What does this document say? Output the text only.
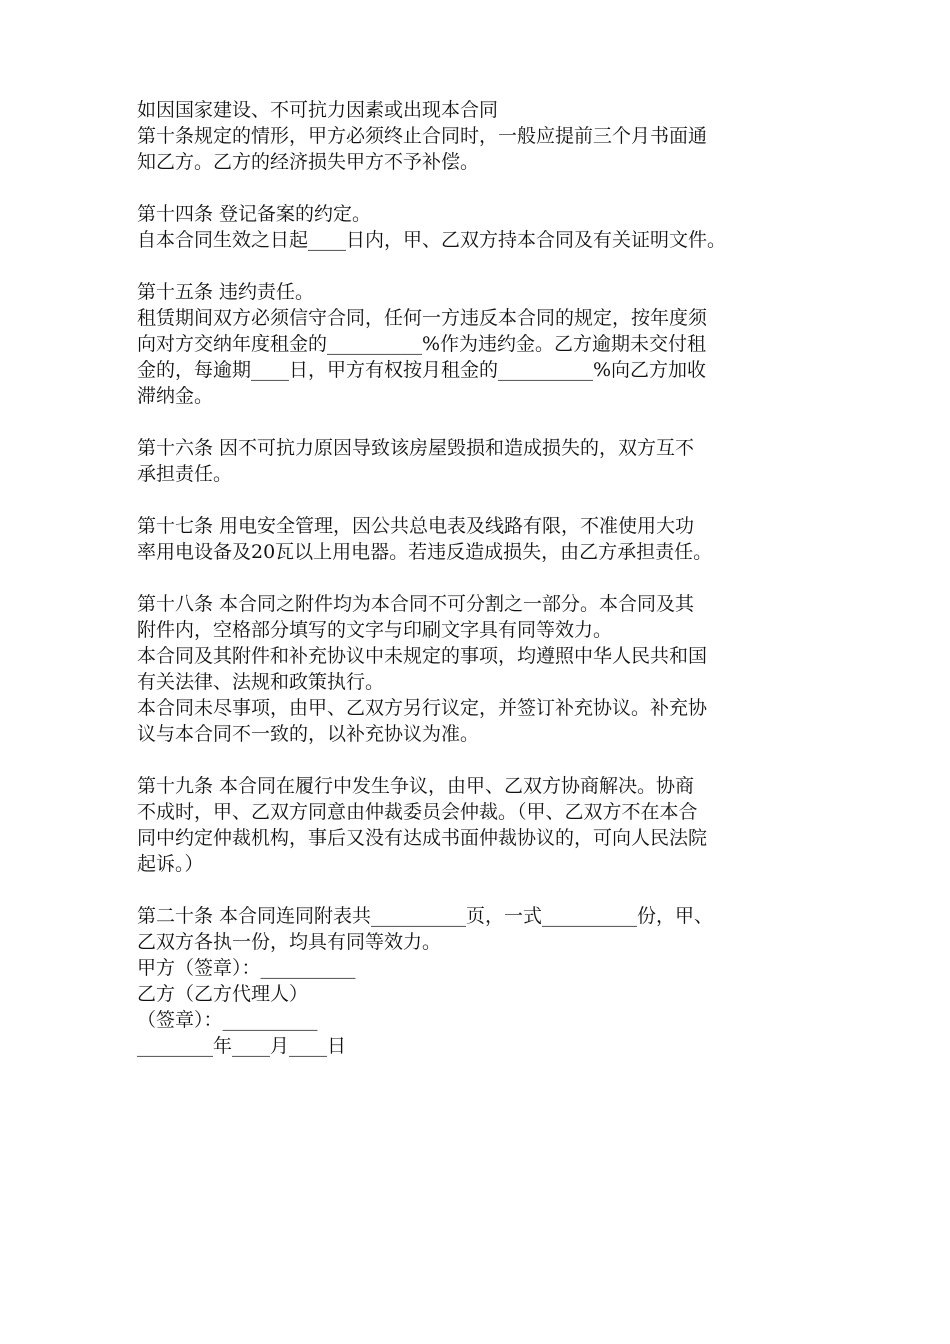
如因国家建设、不可抗力因素或出现本合同
第十条规定的情形，甲方必须终止合同时，一般应提前三个月书面通
知乙方。乙方的经济损失甲方不予补偿。
第十四条 登记备案的约定。
自本合同生效之日起____日内，甲、乙双方持本合同及有关证明文件。
第十五条 违约责任。
租赁期间双方必须信守合同，任何一方违反本合同的规定，按年度须
向对方交纳年度租金的__________%作为违约金。乙方逾期未交付租
金的，每逾期____日，甲方有权按月租金的__________%向乙方加收
滞纳金。
第十六条 因不可抗力原因导致该房屋毁损和造成损失的，双方互不
承担责任。
第十七条 用电安全管理，因公共总电表及线路有限，不准使用大功
率用电设备及20瓦以上用电器。若违反造成损失，由乙方承担责任。
第十八条 本合同之附件均为本合同不可分割之一部分。本合同及其
附件内，空格部分填写的文字与印刷文字具有同等效力。
本合同及其附件和补充协议中未规定的事项，均遵照中华人民共和国
有关法律、法规和政策执行。
本合同未尽事项，由甲、乙双方另行议定，并签订补充协议。补充协
议与本合同不一致的，以补充协议为准。
第十九条 本合同在履行中发生争议，由甲、乙双方协商解决。协商
不成时，甲、乙双方同意由仲裁委员会仲裁。（甲、乙双方不在本合
同中约定仲裁机构，事后又没有达成书面仲裁协议的，可向人民法院
起诉。）
第二十条 本合同连同附表共__________页，一式__________份，甲、
乙双方各执一份，均具有同等效力。
甲方（签章）：__________
乙方（乙方代理人）
（签章）：__________
________年____月____日
